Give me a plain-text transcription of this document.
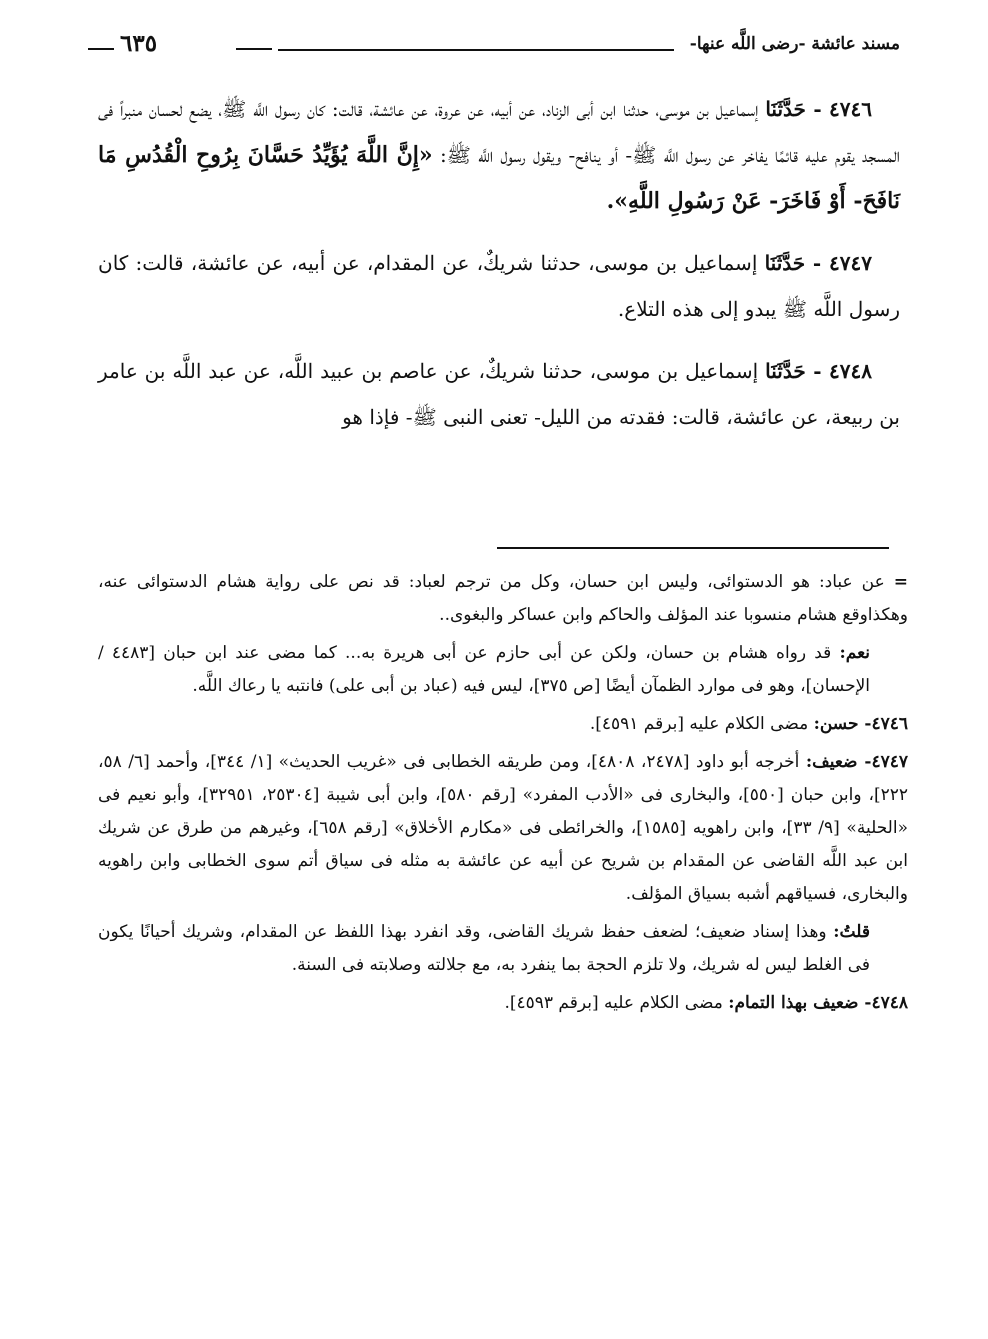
مسند عائشة -رضى اللَّه عنها-
٦٣٥

٤٧٤٦ - حَدَّثَنَا إسماعيل بن موسى، حدثنا ابن أبى الزناد، عن أبيه، عن عروة، عن عائشة، قالت: كان رسول اللَّه ﷺ، يضع لحسان منبراً فى المسجد يقوم عليه قائمًا يفاخر عن رسول اللَّه ﷺ- أو ينافح- ويقول رسول اللَّه ﷺ: «إِنَّ اللَّهَ يُؤَيِّدُ حَسَّانَ بِرُوحِ الْقُدُسِ مَا نَافَحَ- أَوْ فَاخَرَ- عَنْ رَسُولِ اللَّهِ».

٤٧٤٧ - حَدَّثَنَا إسماعيل بن موسى، حدثنا شريكٌ، عن المقدام، عن أبيه، عن عائشة، قالت: كان رسول اللَّه ﷺ يبدو إلى هذه التلاع.

٤٧٤٨ - حَدَّثَنَا إسماعيل بن موسى، حدثنا شريكٌ، عن عاصم بن عبيد اللَّه، عن عبد اللَّه بن عامر بن ربيعة، عن عائشة، قالت: فقدته من الليل- تعنى النبى ﷺ- فإذا هو

= عن عباد: هو الدستوائى، وليس ابن حسان، وكل من ترجم لعباد: قد نص على رواية هشام الدستوائى عنه، وهكذاوقع هشام منسوبا عند المؤلف والحاكم وابن عساكر والبغوى..

نعم: قد رواه هشام بن حسان، ولكن عن أبى حازم عن أبى هريرة به... كما مضى عند ابن حبان [٤٤٨٣ / الإحسان]، وهو فى موارد الظمآن أيضًا [ص ٣٧٥]، ليس فيه (عباد بن أبى على) فانتبه يا رعاك اللَّه.

٤٧٤٦- حسن: مضى الكلام عليه [برقم ٤٥٩١].

٤٧٤٧- ضعيف: أخرجه أبو داود [٢٤٧٨، ٤٨٠٨]، ومن طريقه الخطابى فى «غريب الحديث» [١/ ٣٤٤]، وأحمد [٦/ ٥٨، ٢٢٢]، وابن حبان [٥٥٠]، والبخارى فى «الأدب المفرد» [رقم ٥٨٠]، وابن أبى شيبة [٢٥٣٠٤، ٣٢٩٥١]، وأبو نعيم فى «الحلية» [٩/ ٣٣]، وابن راهويه [١٥٨٥]، والخرائطى فى «مكارم الأخلاق» [رقم ٦٥٨]، وغيرهم من طرق عن شريك ابن عبد اللَّه القاضى عن المقدام بن شريح عن أبيه عن عائشة به مثله فى سياق أتم سوى الخطابى وابن راهويه والبخارى، فسياقهم أشبه بسياق المؤلف.

قلتُ: وهذا إسناد ضعيف؛ لضعف حفظ شريك القاضى، وقد انفرد بهذا اللفظ عن المقدام، وشريك أحيانًا يكون فى الغلط ليس له شريك، ولا تلزم الحجة بما ينفرد به، مع جلالته وصلابته فى السنة.

٤٧٤٨- ضعيف بهذا التمام: مضى الكلام عليه [برقم ٤٥٩٣].
